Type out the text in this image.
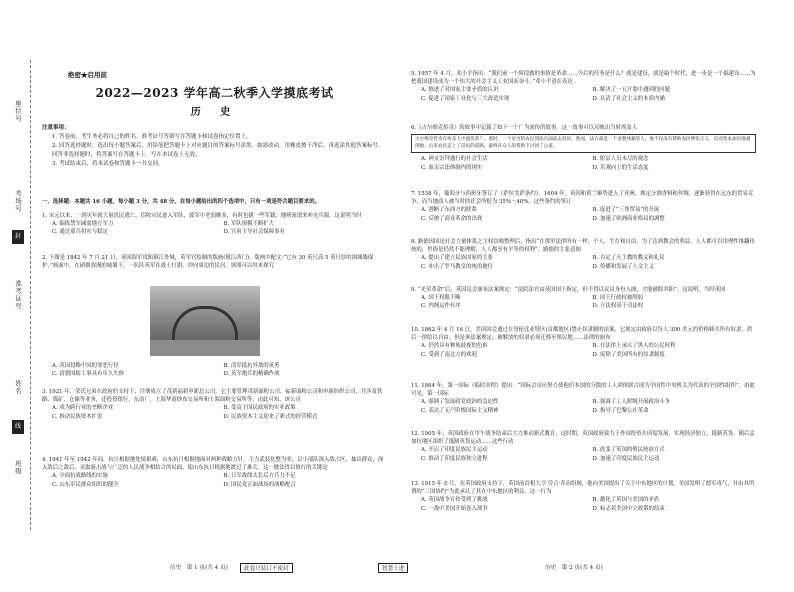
座位号
考场号
准考证号
姓名
班级
封
线
绝密★启用前
2022—2023 学年高二秋季入学摸底考试
历 史
注意事项：

1. 答卷前，考生务必将自己的姓名、准考证号等填写在答题卡和试卷指定位置上。

2. 回答选择题时，选出每小题答案后，用铅笔把答题卡上对应题目的答案标号涂黑。如需改动，用橡皮擦干净后，再选涂其他答案标号。回答非选择题时，将答案写在答题卡上。写在本试卷上无效。

3. 考试结束后，将本试卷和答题卡一并交回。

一、选择题：本题共 16 小题，每小题 3 分，共 48 分。在每小题给出的四个选项中，只有一项是符合题目要求的。

1. 宋元以来，一到灾年就大量饥民逃亡，招收灾民进入军队，致军中老弱颇多，有时也挑一些军籍，地痞流氓来补充兵源。这说明当时

A. 编练禁军减弱地方军力	B. 军队规模不断扩大
C. 通过募兵弭灾与稳定	D. 官府主导社会保障事业

2. 下图是 1842 年 7 月 21 日，英国海军攻陷镇江外城，英军官绘制的版画(镇江西门)。版画中配文:“它有 30 英尺高 5 英尺厚的围城墙保护，”画面中，在硝烟弥漫的城墙下，一队队英军在战士打旗，冲向周边的民居。该图可以用来探究

A. 英国侵略中国的罪恶行径	B. 清军抵抗外敌的英勇
C. 清朝国防工事具有年久失修	D. 英军炮兵的精确作战

3. 1921 年，荣氏兄弟在政府的支持下，注册成立了茂新福新申新总公司。它主要管理茂新面粉公司、福新面粉公司和申新纺织公司，并涉及铁路、煤矿、仓储等业务，还投资银行，东南厂，上海华商纱布交易所和上海面粉交易所等。由此可知，该公司

A. 成为跨行业的垄断企业	B. 受益于国民政府的实业政策
C. 推动民族资本扩张	D. 民族资本主义迎来了新式的经营模式

4. 1941 年至 1942 年间，抗日根据地处境艰难，山东抗日根据地面对两种战略方针，主力武装化整为零，以小部队深入敌占区，抽出群众，深入敌后之敌后，采取游击战与广泛的人民战争相结合的局面，使山东抗日根据地渡过了难关。这一做法得以推行的关键是

A. 全面抗战路线的实施	B. 日军战线太长后方兵力不足
C. 山东军民群众组织的健全	D. 国民党正面战场的战略配合

5. 1957 年 4 月，邓小平指出：“我们前一个阶段做的事情是革命……今后的任务是什么？就是建设，就是搞个时代，进一步是一个搞建设……为把我国建设成为一个伟大的社会主义工业国而奋斗。”邓小平意在表达

A. 推进了对国家主要矛盾的认识	B. 解决了一五计划中遇到的问题
C. 促进了国家工业化与三大改造实现	D. 认清了社会主义的本质内涵

6.《古尔维克传奇》的故事中记载了如下一个广为流传的故事。这一故事可以反映出当时埃及人

古尔维克传奇在埃及人中流传甚广。那时，一个贫穷的农民到法官面前去投诉。然而，法官却是一个贪婪残暴的人。他不仅没有帮助农民伸张正义，反而变本加厉地剥削他。后来农民走上了反抗的道路，最终在众人的帮助下讨回了公道。
A. 神灵崇拜盛行的社会生活	B. 阶层人员未尽的观念
C. 血亲宗法体制内的现实	D. 乐观向上的生活态度

7. 1538 年，葡萄牙与西班牙签订了《萨拉戈萨条约》。1604 年，英国和荷兰顺势进入了亚洲，规定分割香料和丝绸，逐渐获得在远东的贸易竞争，而当地商人被当时的社会所贬为 35%～40%。这些条约的签订

A. 割断了东西方的联系	B. 促进了“三角贸易”的开展
C. 反映了商业革命的出现	D. 加速了欧洲商业格局的调整

8. 路德因国是社会力量体系之主权结构整理后，指出“在那里法律所有一样，个人，生存和自由，为了达到教会的利益，人人都可以用理性推翻传统的，世俗是仍然不能理解，人人都享有平等的权利”。路德的主张意图

A. 提出了建立民族国家的主张	B. 否定了天主教的教义和礼仪
C. 冲击了罗马教皇的统治地位	D. 传播和发展了人文主义

9. “光荣革命”后，英国议会颁布法案规定：“法院法官由英国国王指定，但不得以议员身份入阁，才能被除其职”。这说明，当时英国

A. 国王权限不断	B. 国王行政权被削弱
C. 内阁运作有序	D. 立法权高于司法权

10. 1862 年 4 月 16 日，美国国会通过在哥伦比亚特区(首都地区)禁止奴隶制的法案，它规定由政府以每人 300 美元的价格赎买所有奴隶，然后一律给以自由。但是该法案规定，被解放的奴隶必须迁移至殖民地……法律的颁布

A. 仍然具有种族歧视的色彩	B. 在法律上承认了黑人的公民权利
C. 受到了南北方的欢迎	D. 废除了美国所有的奴隶制度

11. 1864 年，第一国际《临时章程》提出：“国际会员应努力使他们本国的分散的工人团体联合成为全国性中央机关为代表的全国性组织”。由此可见，第一国际

A. 强调了发展政党政治的急迫性	B. 强调了工人阶级开展政治斗争
C. 表达了无产阶级国际主义精神	D. 指导了巴黎公社革命

12. 1905 年，英国政府在甲午战争结束后大力推动新式教育，这时期，英国政府致力于外国投资在印度发展，实现经济独立，抵制英货。随后孟加拉地区组织了抵制英货运动……这些行动

A. 开启了印度民族民主运动	B. 改变了英国的殖民统治方式
C. 推动了印度民族独立进程	D. 加速了印度民族民主运动

13. 1915 年 5 月，在英国政府支持下，英国前首相大卫·劳合·乔治组阁，他向美国提出了关于中东地区的计划。美国发明了德军毒气，并由其所谓的“三国协约”为此承认了其在中东地区的利益。这一行为

A. 英国战争宣传受到了挑战	B. 激化了英国与美国的矛盾
C. 一战中美国开始卷入战争	D. 标志着美国中立政策的结束
历史　第 1 页(共 4 页)	此卷只装订不密封	智慧上进	历史　第 2 页(共 4 页)
